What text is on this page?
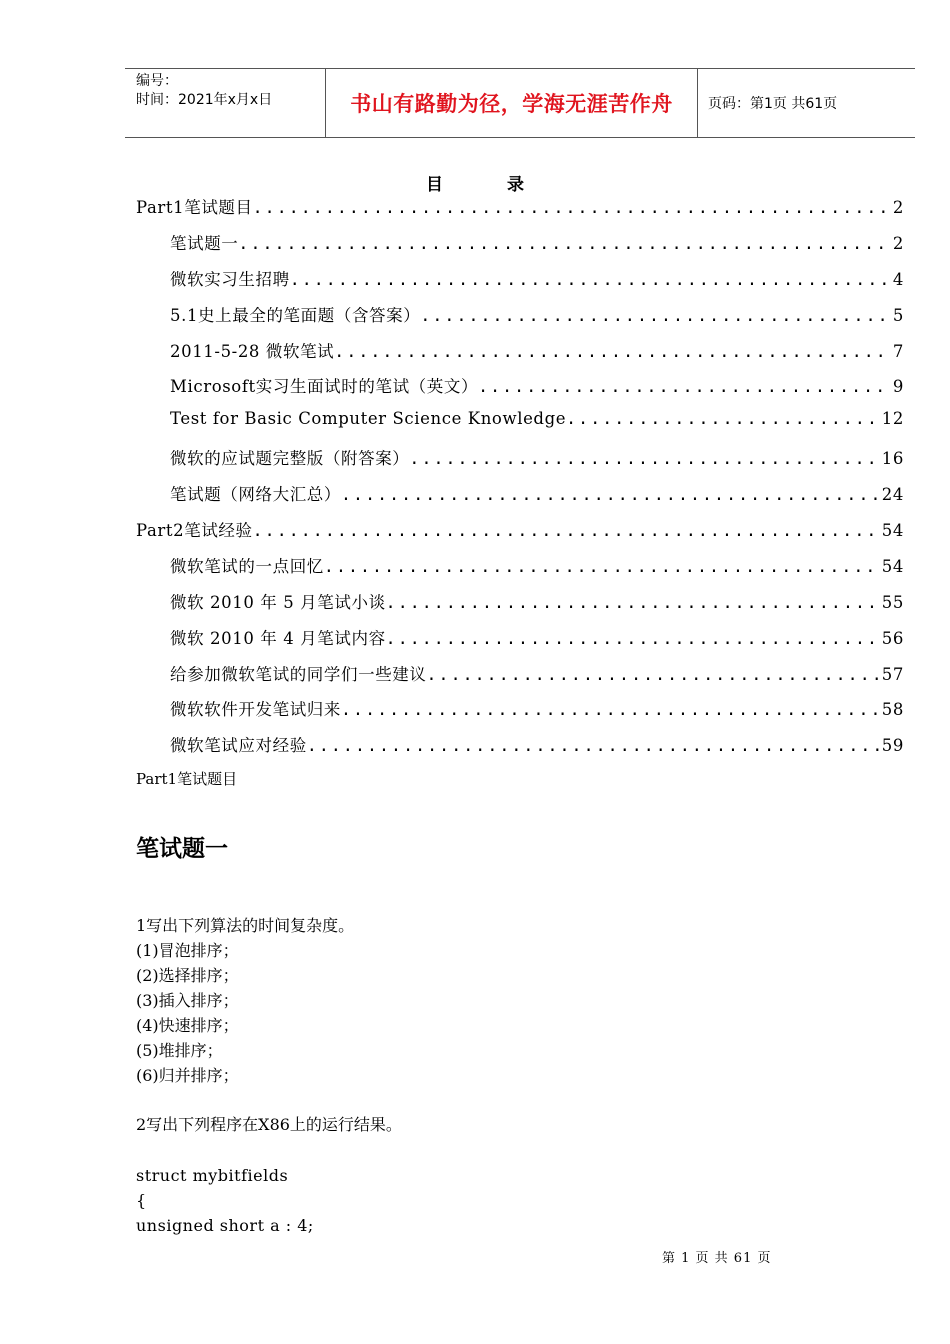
编号：
时间：2021年x月x日	书山有路勤为径，学海无涯苦作舟	页码：第1页 共61页
目	录
Part1笔试题目 .....	2
笔试题一 .....	2
微软实习生招聘 .....	4
5.1史上最全的笔面题（含答案） .....	5
2011-5-28 微软笔试 .....	7
Microsoft实习生面试时的笔试（英文） .....	9
Test for Basic Computer Science Knowledge .....	12
微软的应试题完整版（附答案） .....	16
笔试题（网络大汇总） .....	24
Part2笔试经验 .....	54
微软笔试的一点回忆 .....	54
微软 2010 年 5 月笔试小谈 .....	55
微软 2010 年 4 月笔试内容 .....	56
给参加微软笔试的同学们一些建议 .....	57
微软软件开发笔试归来 .....	58
微软笔试应对经验 .....	59
Part1笔试题目
笔试题一
1写出下列算法的时间复杂度。
(1)冒泡排序；
(2)选择排序；
(3)插入排序；
(4)快速排序；
(5)堆排序；
(6)归并排序；
2写出下列程序在X86上的运行结果。
struct mybitfields
{
unsigned short a : 4;
第 1 页 共 61 页
